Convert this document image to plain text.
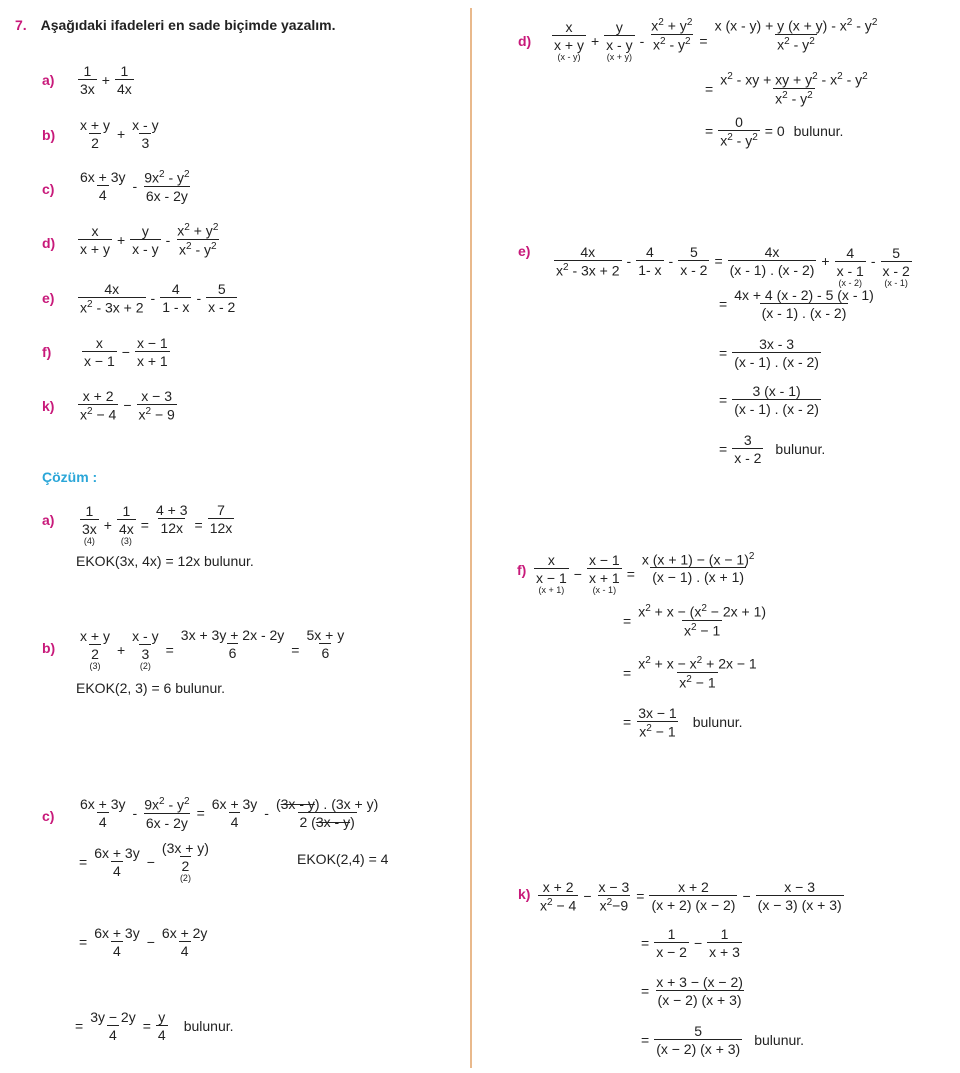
7. Aşağıdaki ifadeleri en sade biçimde yazalım.
$a) \frac{1}{3x} + \frac{1}{4x}$
$b) \frac{x + y}{2} + \frac{x - y}{3}$
$c) \frac{6x + 3y}{4} - \frac{9x^2 - y^2}{6x - 2y}$
$d) \frac{x}{x + y} + \frac{y}{x - y} - \frac{x^2 + y^2}{x^2 - y^2}$
$e) \frac{4x}{x^2 - 3x + 2} - \frac{4}{1 - x} - \frac{5}{x - 2}$
$f) \frac{x}{x - 1} - \frac{x - 1}{x + 1}$
$k) \frac{x + 2}{x^2 - 4} - \frac{x - 3}{x^2 - 9}$
Çözüm :
a)
1
3x
(4)
+
1
4x
(3)
= $\frac{4 + 3}{12x} = \frac{7}{12x}$
EKOK(3x, 4x) = 12x bulunur.
b)
x + y
2
(3)
+
x - y
3
(2)
= $\frac{3x + 3y + 2x - 2y}{6} = \frac{5x + y}{6}$
EKOK(2, 3) = 6 bulunur.
$c) \frac{6x + 3y}{4} - \frac{9x^2 - y^2}{6x - 2y} = \frac{6x + 3y}{4} - \frac{(3x - y) . (3x + y)}{2 (3x - y)}$
= $\frac{6x + 3y}{4}$ −
(3x + y)
2
(2)
EKOK(2,4) = 4
= $\frac{6x + 3y}{4} - \frac{6x + 2y}{4}$
= $\frac{3y - 2y}{4} = \frac{y}{4}$ bulunur.
d)
x
x + y
(x - y)
+
y
x - y
(x + y)
- $\frac{x^2 + y^2}{x^2 - y^2} = \frac{x (x - y) + y (x + y) - x^2 - y^2}{x^2 - y^2}$
= $\frac{x^2 - xy + xy + y^2 - x^2 - y^2}{x^2 - y^2}$
= $\frac{0}{x^2 - y^2} = 0$ bulunur.
$e) \frac{4x}{x^2 - 3x + 2} - \frac{4}{1- x} - \frac{5}{x - 2} = \frac{4x}{(x - 1) . (x - 2)} + 4$
x - 1
(x - 2)
- 5
x - 2
(x - 1)
= $\frac{4x + 4 (x - 2) - 5 (x - 1)}{(x - 1) . (x - 2)}$
= $\frac{3x - 3}{(x - 1) . (x - 2)}$
= $\frac{3 (x - 1)}{(x - 1) . (x - 2)}$
= $\frac{3}{x - 2}$ bulunur.
f)
x
x − 1
(x + 1)
−
x − 1
x + 1
(x - 1)
= $\frac{x (x + 1) - (x - 1)^2}{(x - 1) . (x + 1)}$
= $\frac{x^2 + x - (x^2 - 2x + 1)}{x^2 - 1}$
= $\frac{x^2 + x - x^2 + 2x - 1}{x^2 - 1}$
= $\frac{3x - 1}{x^2 - 1}$ bulunur.
$k) \frac{x + 2}{x^2 - 4} - \frac{x - 3}{x^2-9} = \frac{x + 2}{(x + 2) (x - 2)} - \frac{x - 3}{(x - 3) (x + 3)}$
= $\frac{1}{x - 2} - \frac{1}{x + 3}$
= $\frac{x + 3 - (x - 2)}{(x - 2) (x + 3)}$
= $\frac{5}{(x - 2) (x + 3)}$ bulunur.
